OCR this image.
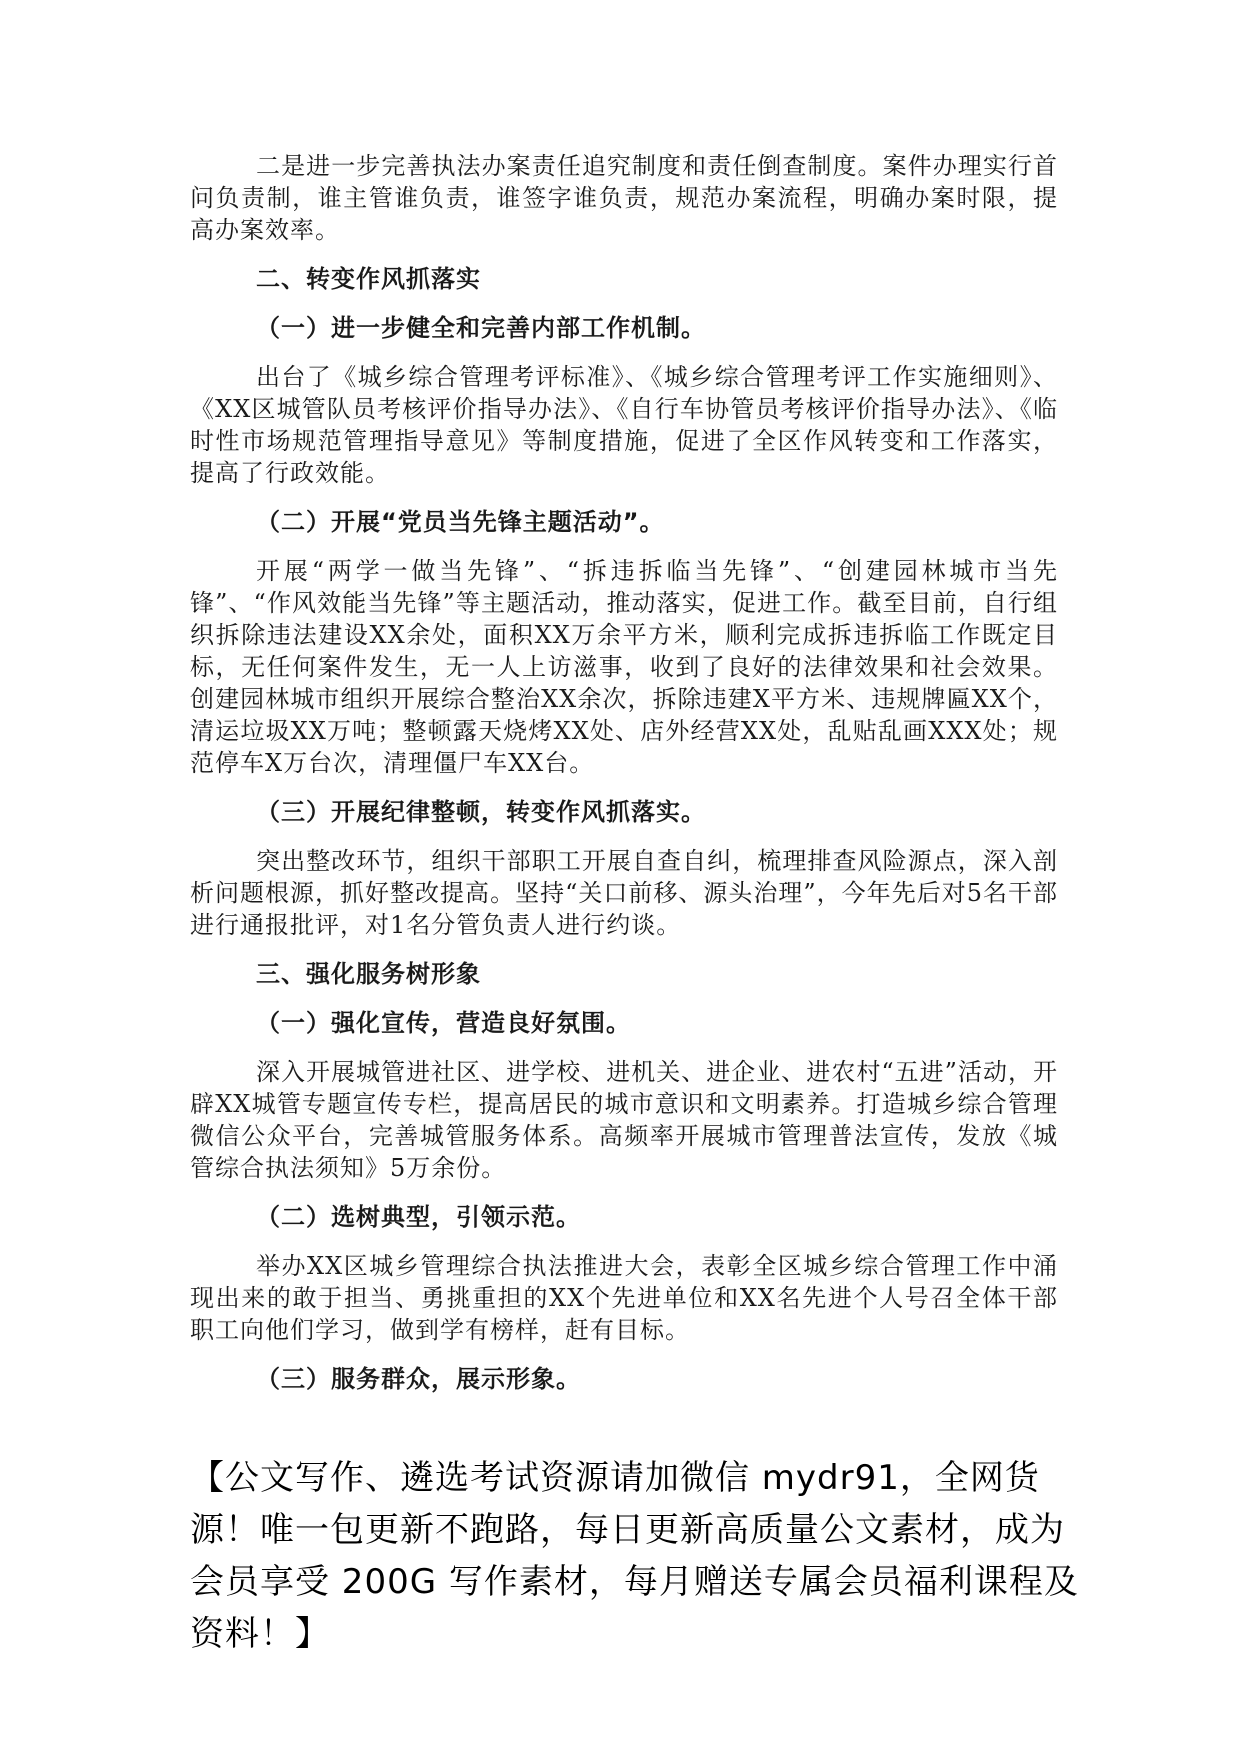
二是进一步完善执法办案责任追究制度和责任倒查制度。案件办理实行首问负责制，谁主管谁负责，谁签字谁负责，规范办案流程，明确办案时限，提高办案效率。

二、转变作风抓落实

（一）进一步健全和完善内部工作机制。

出台了《城乡综合管理考评标准》、《城乡综合管理考评工作实施细则》、《XX区城管队员考核评价指导办法》、《自行车协管员考核评价指导办法》、《临时性市场规范管理指导意见》等制度措施，促进了全区作风转变和工作落实，提高了行政效能。

（二）开展“党员当先锋主题活动”。

开展“两学一做当先锋”、“拆违拆临当先锋”、“创建园林城市当先锋”、“作风效能当先锋”等主题活动，推动落实，促进工作。截至目前，自行组织拆除违法建设XX余处，面积XX万余平方米，顺利完成拆违拆临工作既定目标，无任何案件发生，无一人上访滋事，收到了良好的法律效果和社会效果。创建园林城市组织开展综合整治XX余次，拆除违建X平方米、违规牌匾XX个，清运垃圾XX万吨；整顿露天烧烤XX处、店外经营XX处，乱贴乱画XXX处；规范停车X万台次，清理僵尸车XX台。

（三）开展纪律整顿，转变作风抓落实。

突出整改环节，组织干部职工开展自查自纠，梳理排查风险源点，深入剖析问题根源，抓好整改提高。坚持“关口前移、源头治理”，今年先后对5名干部进行通报批评，对1名分管负责人进行约谈。

三、强化服务树形象

（一）强化宣传，营造良好氛围。

深入开展城管进社区、进学校、进机关、进企业、进农村“五进”活动，开辟XX城管专题宣传专栏，提高居民的城市意识和文明素养。打造城乡综合管理微信公众平台，完善城管服务体系。高频率开展城市管理普法宣传，发放《城管综合执法须知》5万余份。

（二）选树典型，引领示范。

举办XX区城乡管理综合执法推进大会，表彰全区城乡综合管理工作中涌现出来的敢于担当、勇挑重担的XX个先进单位和XX名先进个人号召全体干部职工向他们学习，做到学有榜样，赶有目标。

（三）服务群众，展示形象。

【公文写作、遴选考试资源请加微信 mydr91，全网货源！唯一包更新不跑路，每日更新高质量公文素材，成为会员享受 200G 写作素材，每月赠送专属会员福利课程及资料！】
